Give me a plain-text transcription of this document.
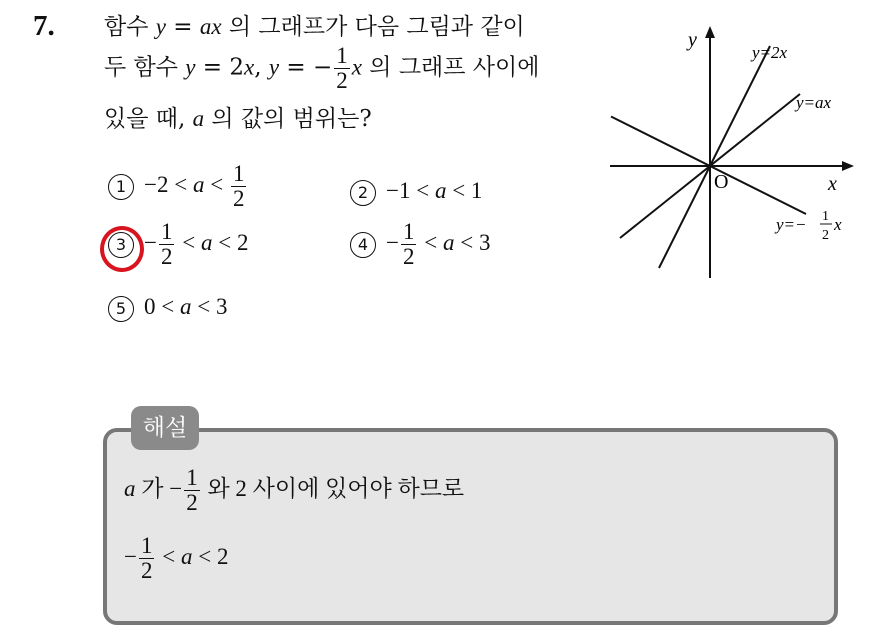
7. 함수 y = ax 의 그래프가 다음 그림과 같이
두 함수 y = 2x, y = − $\frac{1}{2}$ x 의 그래프 사이에
있을 때, a 의 값의 범위는?
$1 -2 < a < \frac{1}{2}$	2 −1 < a < 1
$3 - \frac{1}{2} < a < 2$	$4 - \frac{1}{2} < a < 3$
5 0 < a < 3
y
x
O
y=2x
y=ax
y=− 1
2
x
해설
a 가 − $\frac{1}{2}$ 와 2 사이에 있어야 하므로
− $\frac{1}{2} < a < 2$
